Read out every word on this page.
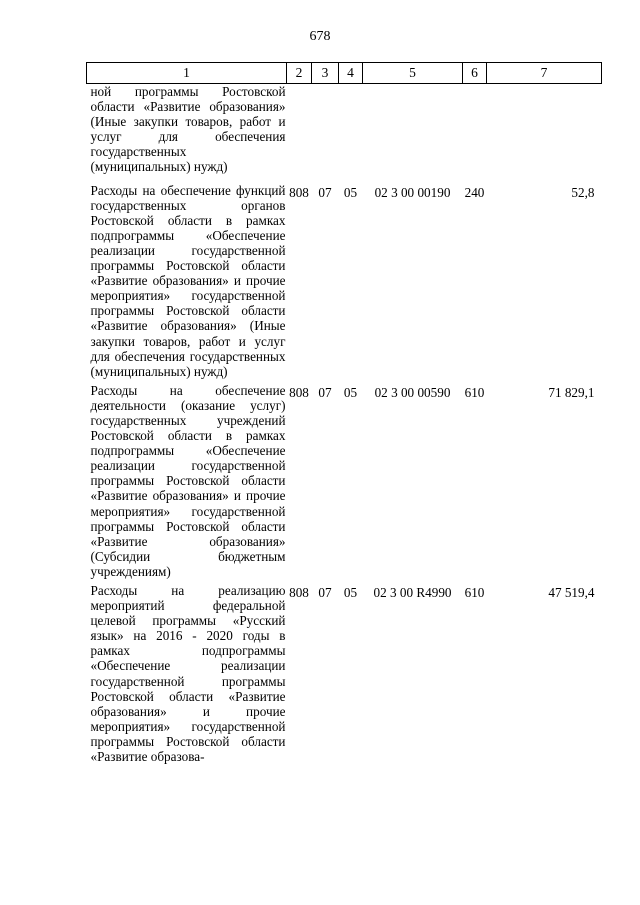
678
1	2	3	4	5	6	7
ной программы Ростовской области «Развитие образования» (Иные закупки товаров, работ и услуг для обеспечения государственных (муниципальных) нужд)						
Расходы на обеспечение функций государственных органов Ростовской области в рамках подпрограммы «Обеспечение реализации государственной программы Ростовской области «Развитие образования» и прочие мероприятия» государственной программы Ростовской области «Развитие образования» (Иные закупки товаров, работ и услуг для обеспечения государственных (муниципальных) нужд)	808	07	05	02 3 00 00190	240	52,8
Расходы на обеспечение деятельности (оказание услуг) государственных учреждений Ростовской области в рамках подпрограммы «Обеспечение реализации государственной программы Ростовской области «Развитие образования» и прочие мероприятия» государственной программы Ростовской области «Развитие образования» (Субсидии бюджетным учреждениям)	808	07	05	02 3 00 00590	610	71 829,1
Расходы на реализацию мероприятий федеральной целевой программы «Русский язык» на 2016 - 2020 годы в рамках подпрограммы «Обеспечение реализации государственной программы Ростовской области «Развитие образования» и прочие мероприятия» государственной программы Ростовской области «Развитие образова-	808	07	05	02 3 00 R4990	610	47 519,4
